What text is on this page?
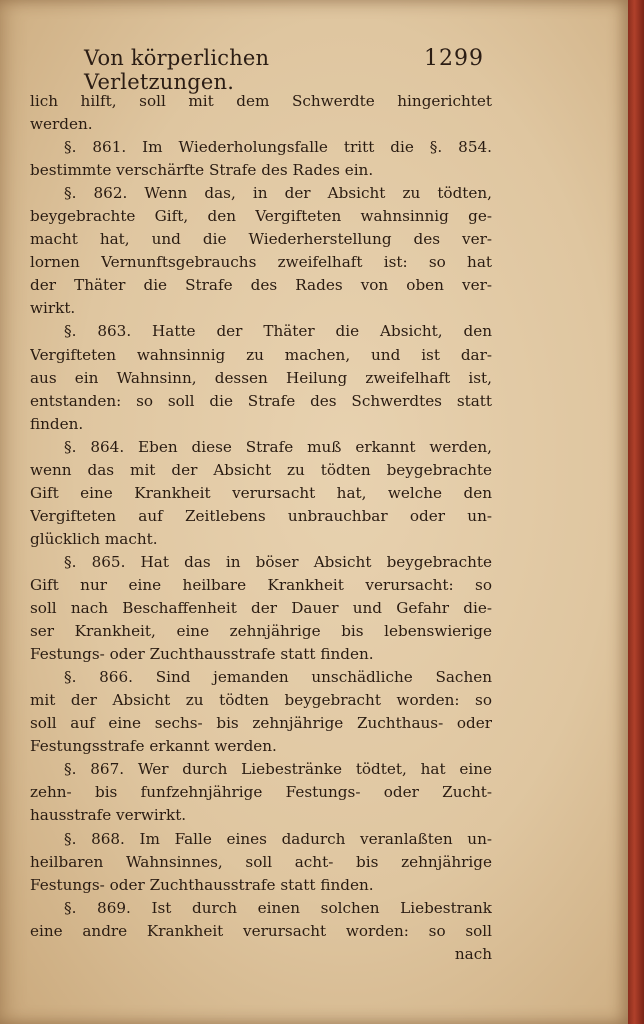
Von körperlichen Verletzungen.
1299
lich hilft, soll mit dem Schwerdte hingerichtet
werden.
§. 861. Im Wiederholungsfalle tritt die §. 854.
bestimmte verschärfte Strafe des Rades ein.
§. 862. Wenn das, in der Absicht zu tödten,
beygebrachte Gift, den Vergifteten wahnsinnig ge-
macht hat, und die Wiederherstellung des ver-
lornen Vernunftsgebrauchs zweifelhaft ist: so hat
der Thäter die Strafe des Rades von oben ver-
wirkt.
§. 863. Hatte der Thäter die Absicht, den
Vergifteten wahnsinnig zu machen, und ist dar-
aus ein Wahnsinn, dessen Heilung zweifelhaft ist,
entstanden: so soll die Strafe des Schwerdtes statt
finden.
§. 864. Eben diese Strafe muß erkannt werden,
wenn das mit der Absicht zu tödten beygebrachte
Gift eine Krankheit verursacht hat, welche den
Vergifteten auf Zeitlebens unbrauchbar oder un-
glücklich macht.
§. 865. Hat das in böser Absicht beygebrachte
Gift nur eine heilbare Krankheit verursacht: so
soll nach Beschaffenheit der Dauer und Gefahr die-
ser Krankheit, eine zehnjährige bis lebenswierige
Festungs- oder Zuchthausstrafe statt finden.
§. 866. Sind jemanden unschädliche Sachen
mit der Absicht zu tödten beygebracht worden: so
soll auf eine sechs- bis zehnjährige Zuchthaus- oder
Festungsstrafe erkannt werden.
§. 867. Wer durch Liebestränke tödtet, hat eine
zehn- bis funfzehnjährige Festungs- oder Zucht-
hausstrafe verwirkt.
§. 868. Im Falle eines dadurch veranlaßten un-
heilbaren Wahnsinnes, soll acht- bis zehnjährige
Festungs- oder Zuchthausstrafe statt finden.
§. 869. Ist durch einen solchen Liebestrank
eine andre Krankheit verursacht worden: so soll
nach
